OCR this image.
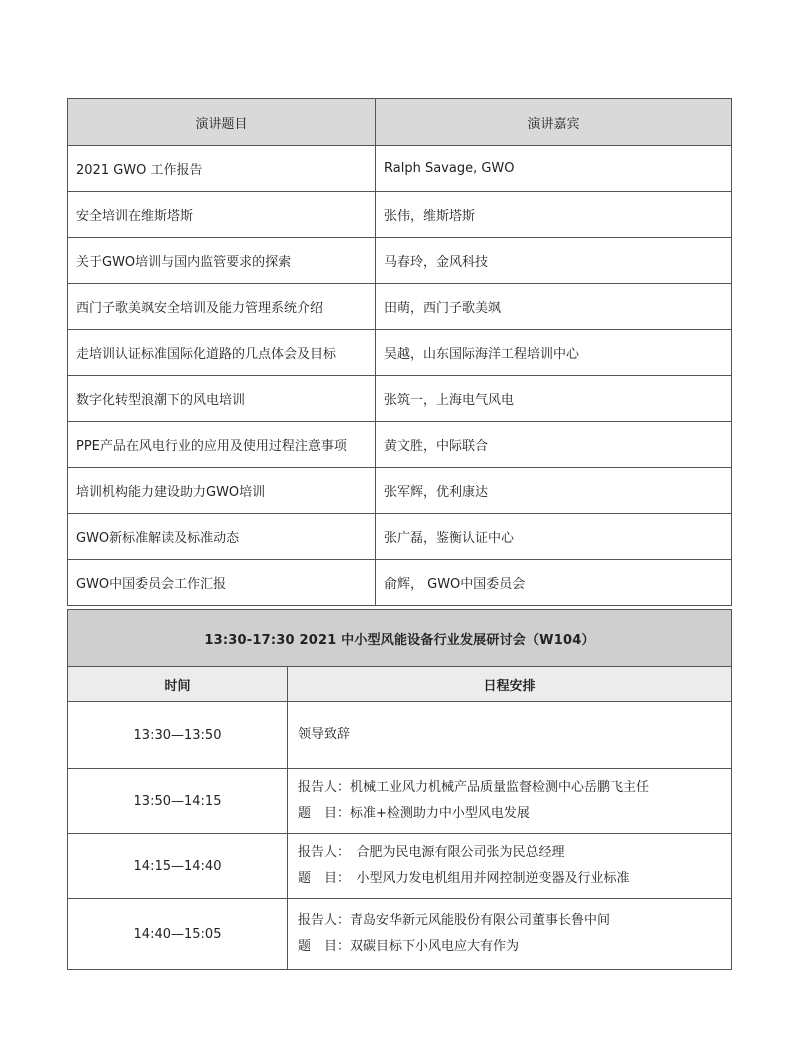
演讲题目	演讲嘉宾
2021 GWO 工作报告	Ralph Savage, GWO
安全培训在维斯塔斯	张伟，维斯塔斯
关于GWO培训与国内监管要求的探索	马春玲，金风科技
西门子歌美飒安全培训及能力管理系统介绍	田萌，西门子歌美飒
走培训认证标准国际化道路的几点体会及目标	吴越，山东国际海洋工程培训中心
数字化转型浪潮下的风电培训	张筑一，上海电气风电
PPE产品在风电行业的应用及使用过程注意事项	黄文胜，中际联合
培训机构能力建设助力GWO培训	张军辉，优利康达
GWO新标准解读及标准动态	张广磊，鉴衡认证中心
GWO中国委员会工作汇报	俞辉， GWO中国委员会
13:30-17:30 2021 中小型风能设备行业发展研讨会（W104）	
时间	日程安排
13:30—13:50	领导致辞

13:50—14:15	报告人：机械工业风力机械产品质量监督检测中心岳鹏飞主任
题　目：标准+检测助力中小型风电发展

14:15—14:40	报告人：　合肥为民电源有限公司张为民总经理
题　目：　小型风力发电机组用并网控制逆变器及行业标准

14:40—15:05	报告人：青岛安华新元风能股份有限公司董事长鲁中间
题　目：双碳目标下小风电应大有作为
